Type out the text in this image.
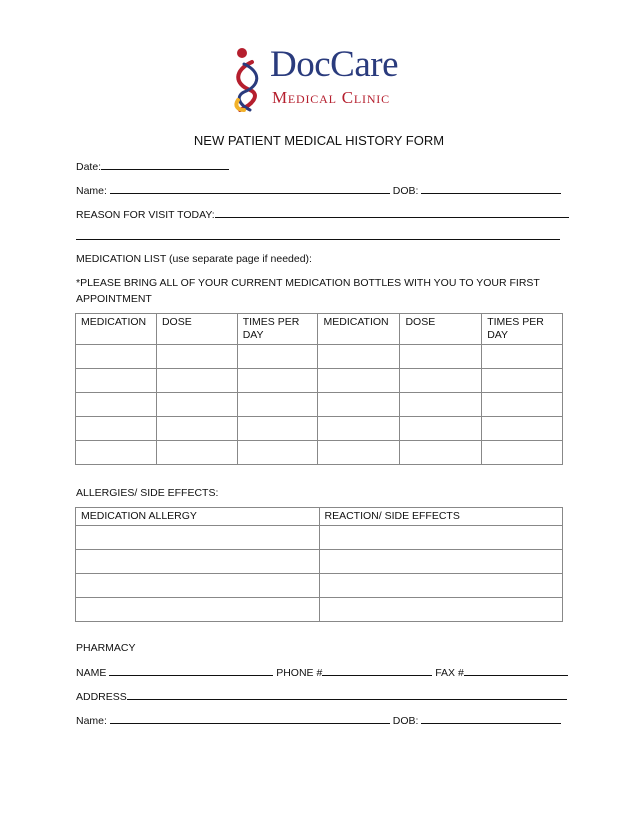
DocCare
Medical Clinic
NEW PATIENT MEDICAL HISTORY FORM
Date:
Name:	DOB:
REASON FOR VISIT TODAY:
MEDICATION LIST (use separate page if needed):
*PLEASE BRING ALL OF YOUR CURRENT MEDICATION BOTTLES WITH YOU TO YOUR FIRST
APPOINTMENT
MEDICATION	DOSE	TIMES PER DAY	MEDICATION	DOSE	TIMES PER DAY

ALLERGIES/ SIDE EFFECTS:
MEDICATION ALLERGY	REACTION/ SIDE EFFECTS

PHARMACY
NAME	PHONE #	FAX #
ADDRESS
Name:	DOB:
